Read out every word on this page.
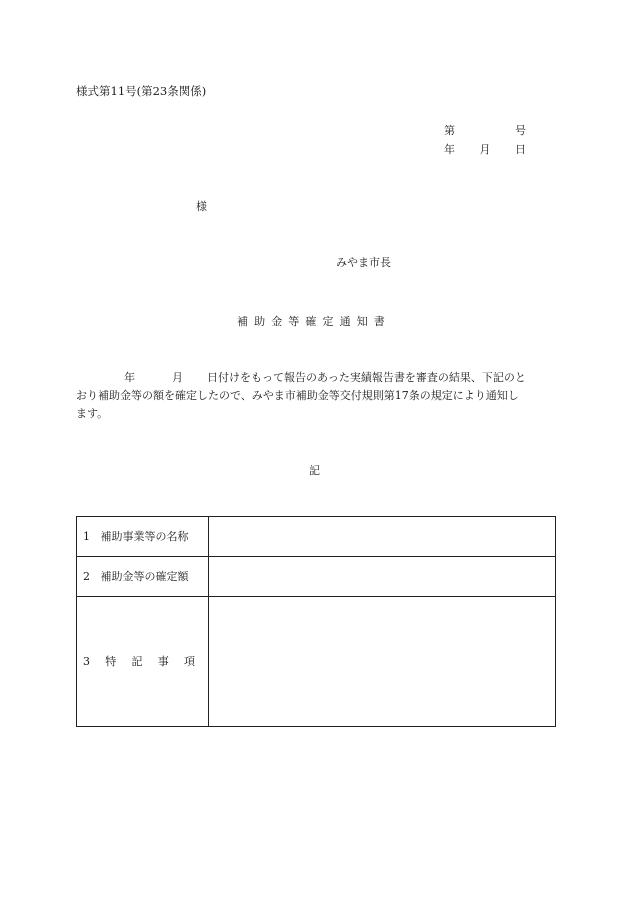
様式第11号(第23条関係)
第	号
年 月 日
様
みやま市長
補助金等確定通知書
年	月 日付けをもって報告のあった実績報告書を審査の結果、下記のと
おり補助金等の額を確定したので、みやま市補助金等交付規則第17条の規定により通知し
ます。
記
1 補助事業等の名称	
2 補助金等の確定額	

3 特 記 事 項	
